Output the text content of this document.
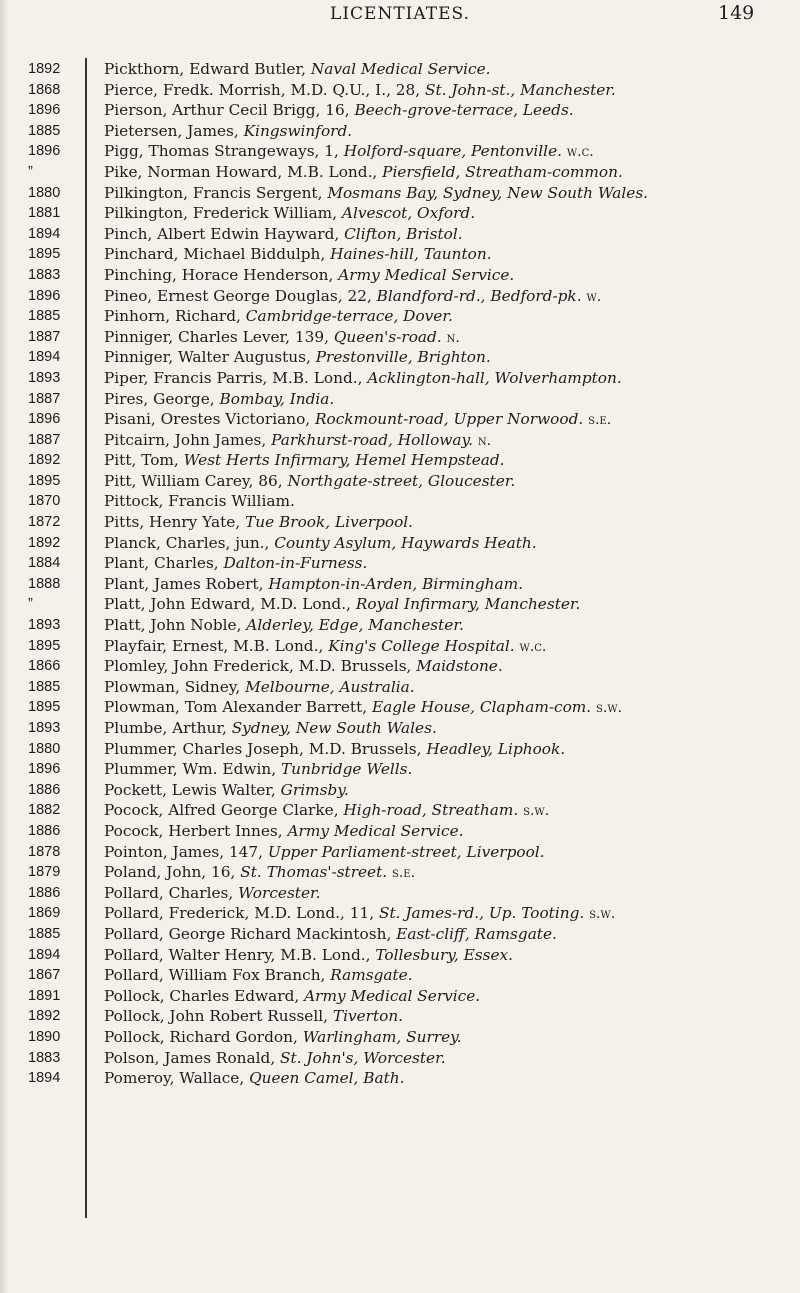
LICENTIATES.	149
1892	Pickthorn, Edward Butler, Naval Medical Service.
1868	Pierce, Fredk. Morrish, M.D. Q.U., I., 28, St. John-st., Manchester.
1896	Pierson, Arthur Cecil Brigg, 16, Beech-grove-terrace, Leeds.
1885	Pietersen, James, Kingswinford.
1896	Pigg, Thomas Strangeways, 1, Holford-square, Pentonville. w.c.
”	Pike, Norman Howard, M.B. Lond., Piersfield, Streatham-common.
1880	Pilkington, Francis Sergent, Mosmans Bay, Sydney, New South Wales.
1881	Pilkington, Frederick William, Alvescot, Oxford.
1894	Pinch, Albert Edwin Hayward, Clifton, Bristol.
1895	Pinchard, Michael Biddulph, Haines-hill, Taunton.
1883	Pinching, Horace Henderson, Army Medical Service.
1896	Pineo, Ernest George Douglas, 22, Blandford-rd., Bedford-pk. w.
1885	Pinhorn, Richard, Cambridge-terrace, Dover.
1887	Pinniger, Charles Lever, 139, Queen's-road. n.
1894	Pinniger, Walter Augustus, Prestonville, Brighton.
1893	Piper, Francis Parris, M.B. Lond., Acklington-hall, Wolverhampton.
1887	Pires, George, Bombay, India.
1896	Pisani, Orestes Victoriano, Rockmount-road, Upper Norwood. s.e.
1887	Pitcairn, John James, Parkhurst-road, Holloway. n.
1892	Pitt, Tom, West Herts Infirmary, Hemel Hempstead.
1895	Pitt, William Carey, 86, Northgate-street, Gloucester.
1870	Pittock, Francis William.
1872	Pitts, Henry Yate, Tue Brook, Liverpool.
1892	Planck, Charles, jun., County Asylum, Haywards Heath.
1884	Plant, Charles, Dalton-in-Furness.
1888	Plant, James Robert, Hampton-in-Arden, Birmingham.
”	Platt, John Edward, M.D. Lond., Royal Infirmary, Manchester.
1893	Platt, John Noble, Alderley, Edge, Manchester.
1895	Playfair, Ernest, M.B. Lond., King's College Hospital. w.c.
1866	Plomley, John Frederick, M.D. Brussels, Maidstone.
1885	Plowman, Sidney, Melbourne, Australia.
1895	Plowman, Tom Alexander Barrett, Eagle House, Clapham-com. s.w.
1893	Plumbe, Arthur, Sydney, New South Wales.
1880	Plummer, Charles Joseph, M.D. Brussels, Headley, Liphook.
1896	Plummer, Wm. Edwin, Tunbridge Wells.
1886	Pockett, Lewis Walter, Grimsby.
1882	Pocock, Alfred George Clarke, High-road, Streatham. s.w.
1886	Pocock, Herbert Innes, Army Medical Service.
1878	Pointon, James, 147, Upper Parliament-street, Liverpool.
1879	Poland, John, 16, St. Thomas'-street. s.e.
1886	Pollard, Charles, Worcester.
1869	Pollard, Frederick, M.D. Lond., 11, St. James-rd., Up. Tooting. s.w.
1885	Pollard, George Richard Mackintosh, East-cliff, Ramsgate.
1894	Pollard, Walter Henry, M.B. Lond., Tollesbury, Essex.
1867	Pollard, William Fox Branch, Ramsgate.
1891	Pollock, Charles Edward, Army Medical Service.
1892	Pollock, John Robert Russell, Tiverton.
1890	Pollock, Richard Gordon, Warlingham, Surrey.
1883	Polson, James Ronald, St. John's, Worcester.
1894	Pomeroy, Wallace, Queen Camel, Bath.
